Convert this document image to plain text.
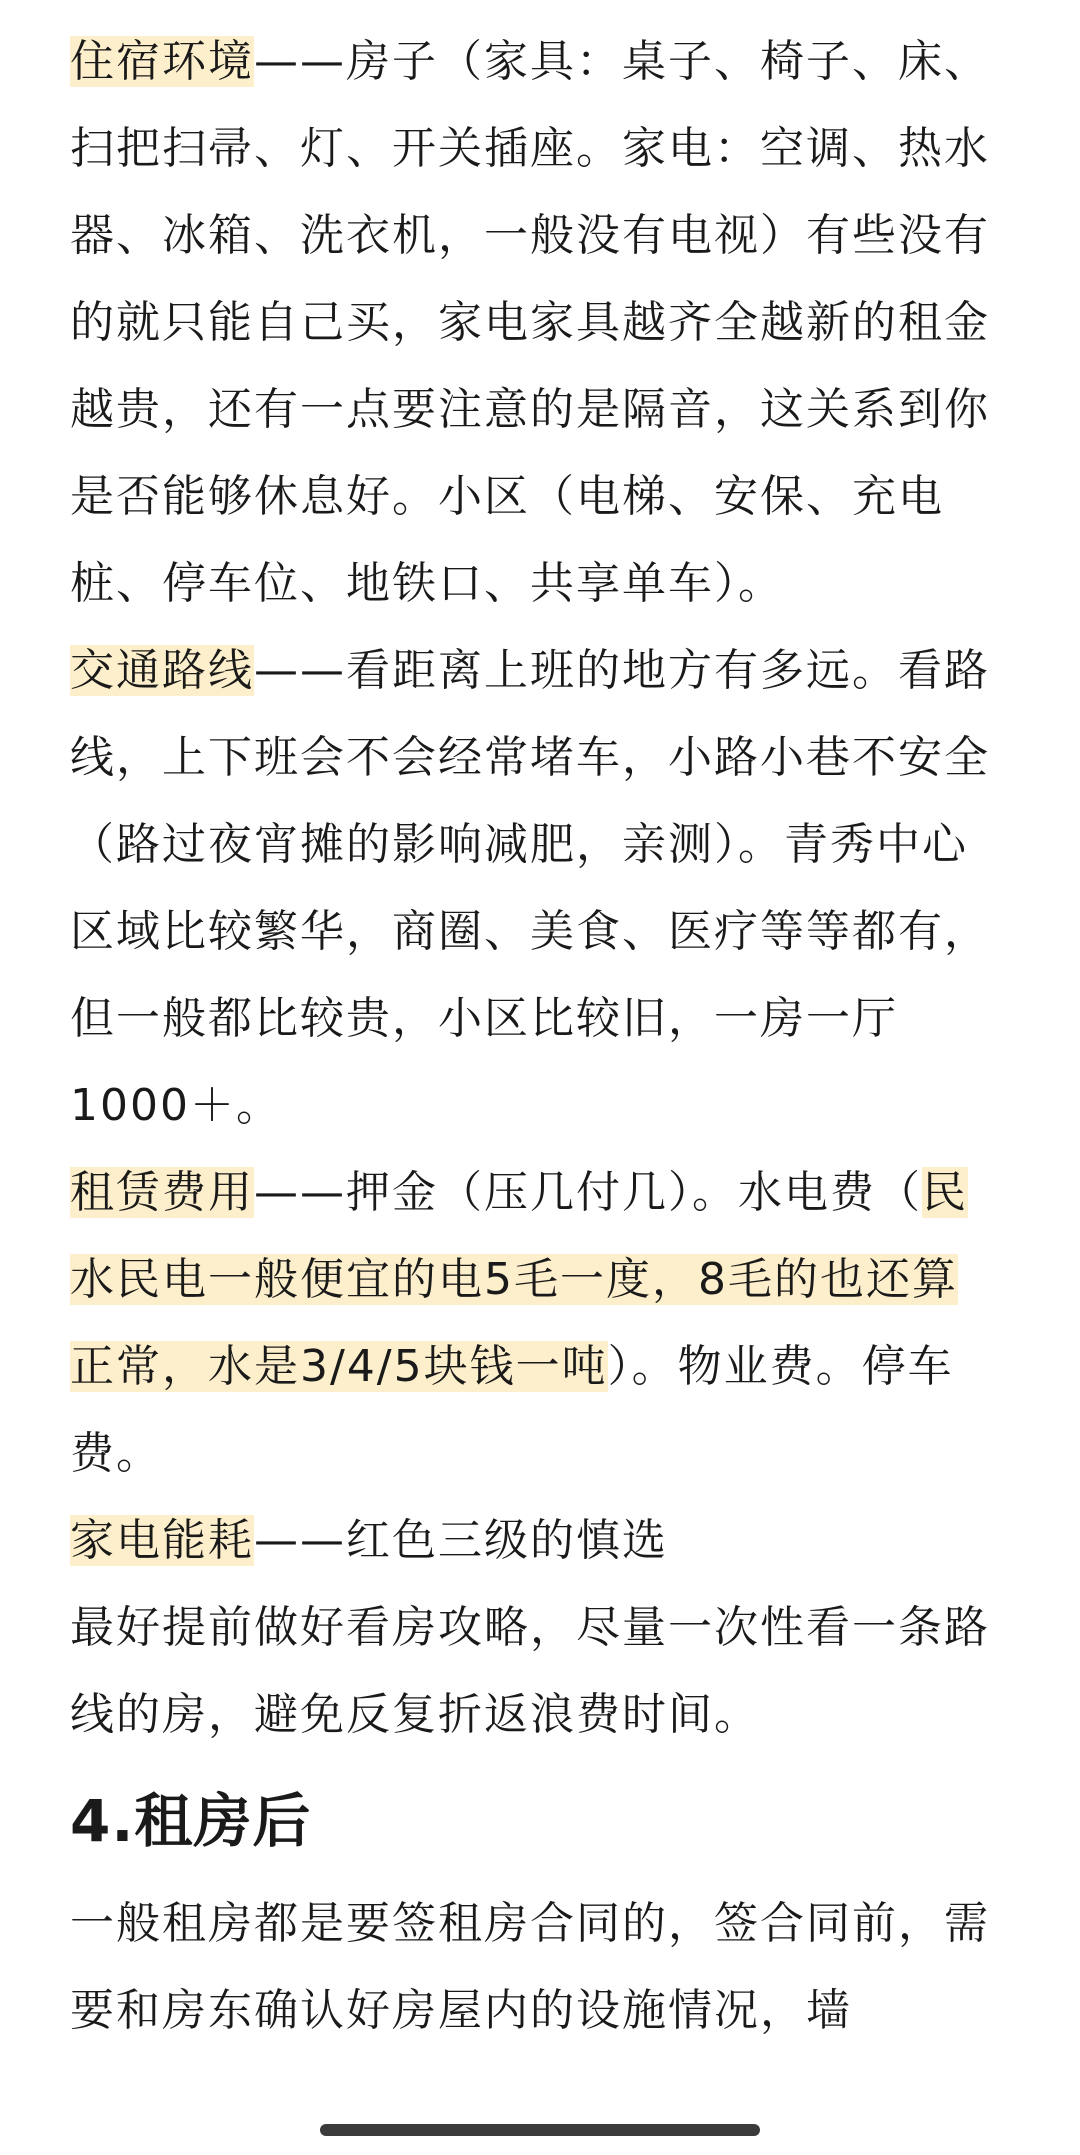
住宿环境——房子（家具：桌子、椅子、床、扫把扫帚、灯、开关插座。家电：空调、热水器、冰箱、洗衣机，一般没有电视）有些没有的就只能自己买，家电家具越齐全越新的租金越贵，还有一点要注意的是隔音，这关系到你是否能够休息好。小区（电梯、安保、充电桩、停车位、地铁口、共享单车）。

交通路线——看距离上班的地方有多远。看路线，上下班会不会经常堵车，小路小巷不安全（路过夜宵摊的影响减肥，亲测）。青秀中心区域比较繁华，商圈、美食、医疗等等都有，但一般都比较贵，小区比较旧，一房一厅1000＋。

租赁费用——押金（压几付几）。水电费（民水民电一般便宜的电5毛一度，8毛的也还算正常，水是3/4/5块钱一吨）。物业费。停车费。

家电能耗——红色三级的慎选

最好提前做好看房攻略，尽量一次性看一条路线的房，避免反复折返浪费时间。

4.租房后

一般租房都是要签租房合同的，签合同前，需要和房东确认好房屋内的设施情况，墙
